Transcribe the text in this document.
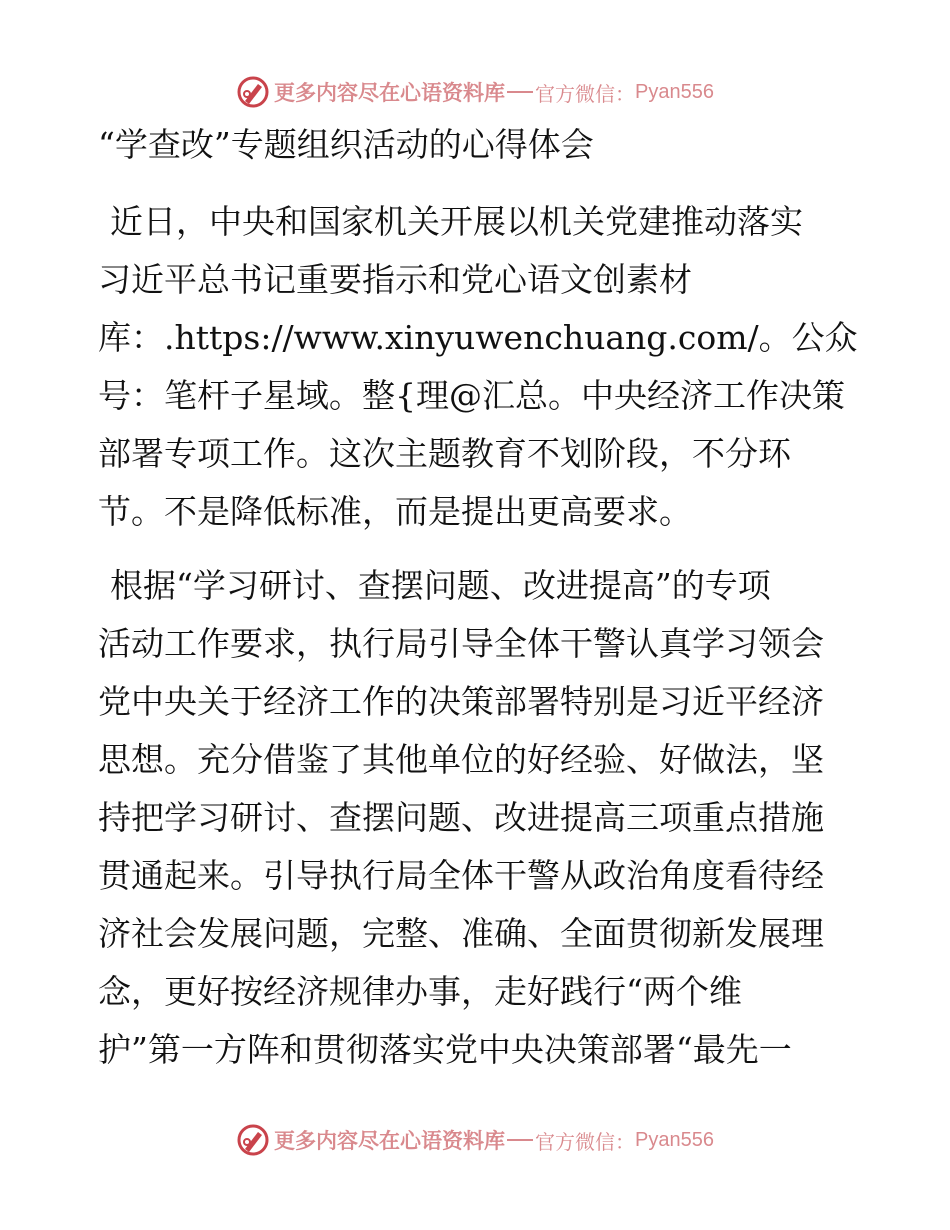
更多内容尽在心语资料库 官方微信： Pyan556
“学查改”专题组织活动的心得体会
近日，中央和国家机关开展以机关党建推动落实
习近平总书记重要指示和党心语文创素材
库：.https://www.xinyuwenchuang.com/。公众
号：笔杆子星域。整{理@汇总。中央经济工作决策
部署专项工作。这次主题教育不划阶段，不分环
节。不是降低标准，而是提出更高要求。
根据“学习研讨、查摆问题、改进提高”的专项
活动工作要求，执行局引导全体干警认真学习领会
党中央关于经济工作的决策部署特别是习近平经济
思想。充分借鉴了其他单位的好经验、好做法，坚
持把学习研讨、查摆问题、改进提高三项重点措施
贯通起来。引导执行局全体干警从政治角度看待经
济社会发展问题，完整、准确、全面贯彻新发展理
念，更好按经济规律办事，走好践行“两个维
护”第一方阵和贯彻落实党中央决策部署“最先一
更多内容尽在心语资料库 官方微信： Pyan556
